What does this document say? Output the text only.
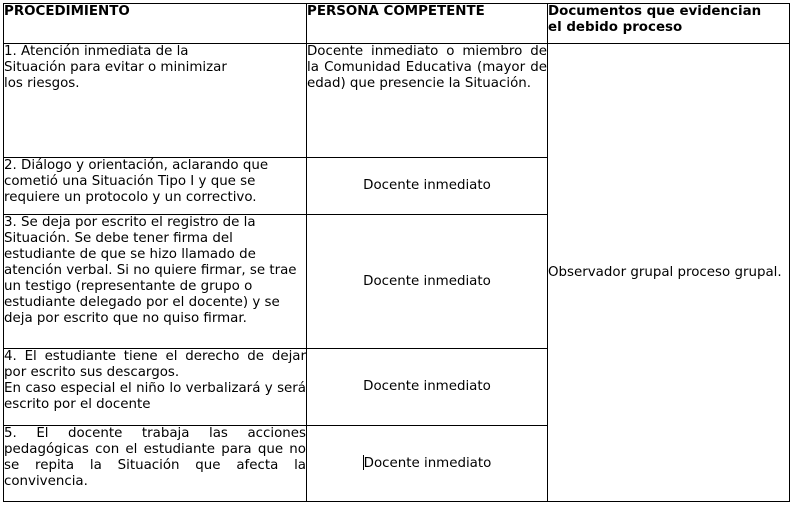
PROCEDIMIENTO	PERSONA COMPETENTE	Documentos que evidencian
el debido proceso

1. Atención inmediata de la
Situación para evitar o minimizar
los riesgos.	Docente inmediato o miembro de la Comunidad Educativa (mayor de edad) que presencie la Situación.	Observador grupal proceso grupal.

2. Diálogo y orientación, aclarando que
cometió una Situación Tipo I y que se
requiere un protocolo y un correctivo.	Docente inmediato	
3. Se deja por escrito el registro de la Situación. Se debe tener firma del estudiante de que se hizo llamado de atención verbal. Si no quiere firmar, se trae un testigo (representante de grupo o estudiante delegado por el docente) y se deja por escrito que no quiso firmar.	Docente inmediato	

4. El estudiante tiene el derecho de dejar por escrito sus descargos.
En caso especial el niño lo verbalizará y será escrito por el docente	Docente inmediato	
5. El docente trabaja las acciones pedagógicas con el estudiante para que no se repita la Situación que afecta la convivencia.	Docente inmediato	
